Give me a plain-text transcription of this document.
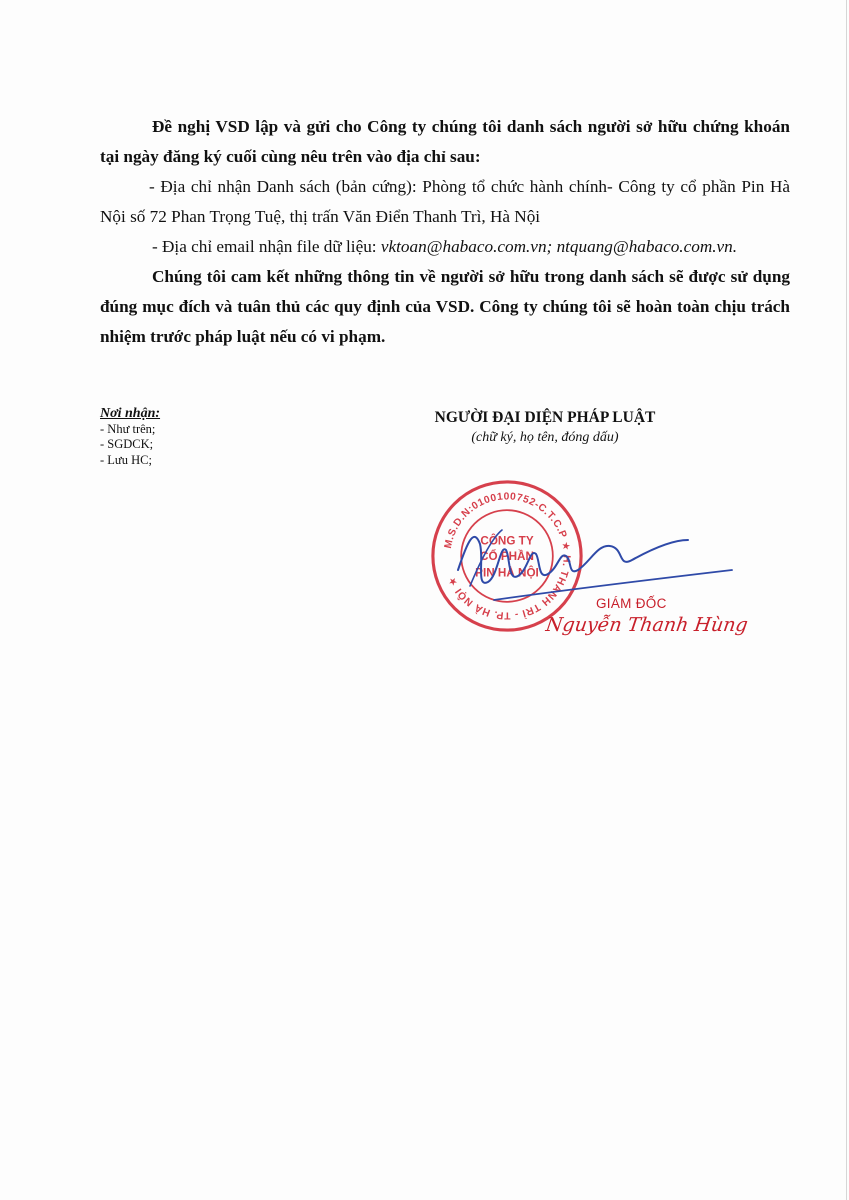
Đề nghị VSD lập và gửi cho Công ty chúng tôi danh sách người sở hữu chứng khoán tại ngày đăng ký cuối cùng nêu trên vào địa chỉ sau:

- Địa chỉ nhận Danh sách (bản cứng): Phòng tổ chức hành chính- Công ty cổ phần Pin Hà Nội số 72 Phan Trọng Tuệ, thị trấn Văn Điển Thanh Trì, Hà Nội

- Địa chỉ email nhận file dữ liệu: vktoan@habaco.com.vn; ntquang@habaco.com.vn.

Chúng tôi cam kết những thông tin về người sở hữu trong danh sách sẽ được sử dụng đúng mục đích và tuân thủ các quy định của VSD. Công ty chúng tôi sẽ hoàn toàn chịu trách nhiệm trước pháp luật nếu có vi phạm.

Nơi nhận:
- Như trên;
- SGDCK;
- Lưu HC;
NGƯỜI ĐẠI DIỆN PHÁP LUẬT
(chữ ký, họ tên, đóng dấu)
M.S.D.N:0100100752-C.T.C.P ★ H. THANH TRÌ - TP. HÀ NỘI ★
CÔNG TY
CỔ PHẦN
PIN HÀ NỘI
GIÁM ĐỐC
Nguyễn Thanh Hùng
